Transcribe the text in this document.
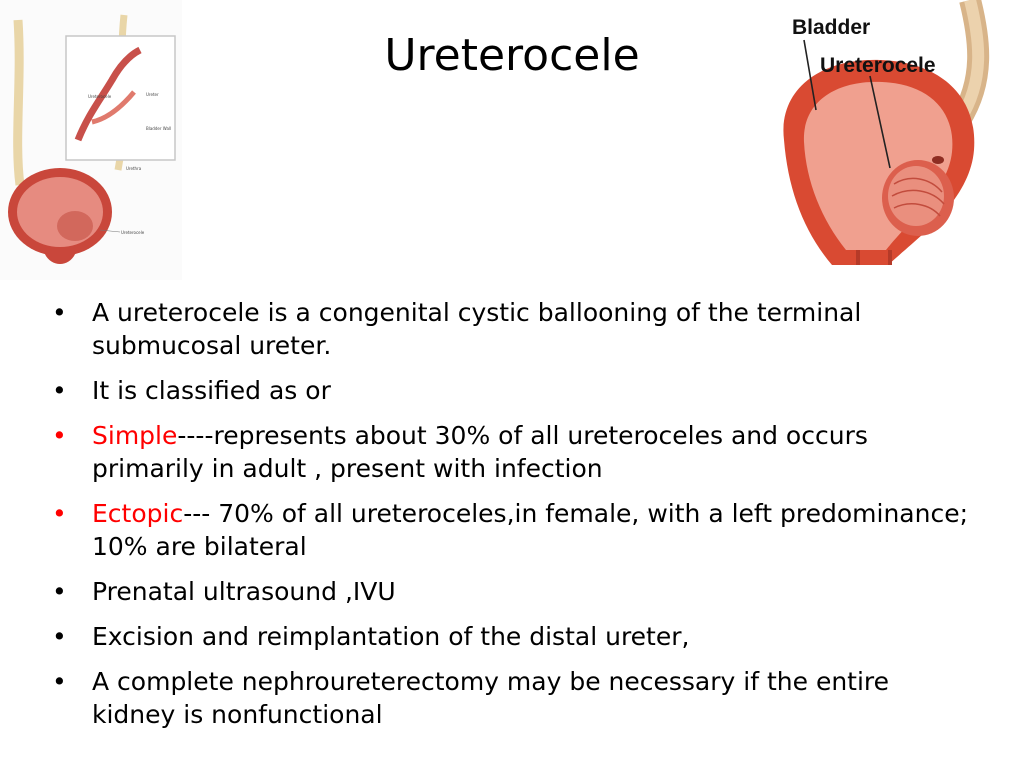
Ureterocele
Ureterocele	Ureter
Bladder Wall
Urethra
Ureterocele
Bladder
Ureterocele
• A ureterocele is a congenital cystic ballooning of the terminal submucosal ureter.
• It is classified as or
• Simple----represents about 30% of all ureteroceles and occurs primarily in adult , present with infection
• Ectopic--- 70% of all ureteroceles,in female, with a left predominance; 10% are bilateral
• Prenatal ultrasound ,IVU
• Excision and reimplantation of the distal ureter,
• A complete nephroureterectomy may be necessary if the entire kidney is nonfunctional
